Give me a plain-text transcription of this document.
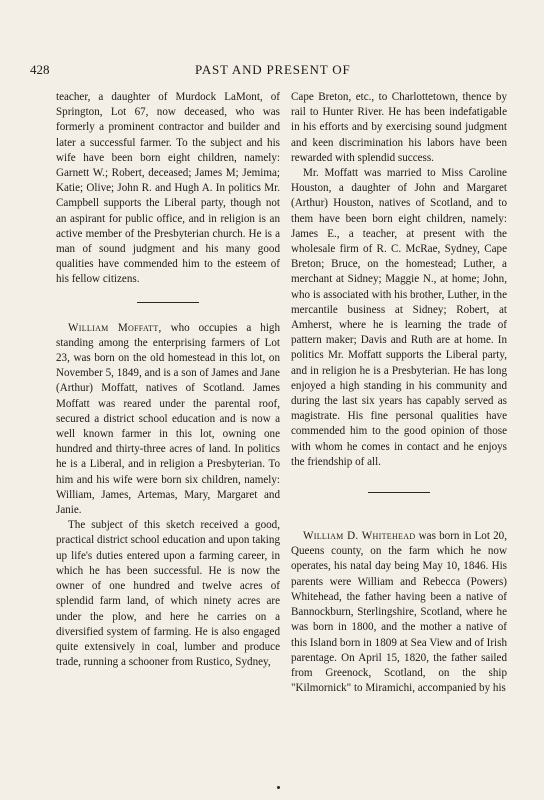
428	PAST AND PRESENT OF

teacher, a daughter of Murdock LaMont, of Springton, Lot 67, now deceased, who was formerly a prominent contractor and builder and later a successful farmer. To the subject and his wife have been born eight children, namely: Garnett W.; Robert, deceased; James M; Jemima; Katie; Olive; John R. and Hugh A. In politics Mr. Campbell supports the Liberal party, though not an aspirant for public office, and in religion is an active member of the Presbyterian church. He is a man of sound judgment and his many good qualities have commended him to the esteem of his fellow citizens.

William Moffatt, who occupies a high standing among the enterprising farmers of Lot 23, was born on the old homestead in this lot, on November 5, 1849, and is a son of James and Jane (Arthur) Moffatt, natives of Scotland. James Moffatt was reared under the parental roof, secured a district school education and is now a well known farmer in this lot, owning one hundred and thirty-three acres of land. In politics he is a Liberal, and in religion a Presbyterian. To him and his wife were born six children, namely: William, James, Artemas, Mary, Margaret and Janie.

The subject of this sketch received a good, practical district school education and upon taking up life's duties entered upon a farming career, in which he has been successful. He is now the owner of one hundred and twelve acres of splendid farm land, of which ninety acres are under the plow, and here he carries on a diversified system of farming. He is also engaged quite extensively in coal, lumber and produce trade, running a schooner from Rustico, Sydney,

Cape Breton, etc., to Charlottetown, thence by rail to Hunter River. He has been indefatigable in his efforts and by exercising sound judgment and keen discrimination his labors have been rewarded with splendid success.

Mr. Moffatt was married to Miss Caroline Houston, a daughter of John and Margaret (Arthur) Houston, natives of Scotland, and to them have been born eight children, namely: James E., a teacher, at present with the wholesale firm of R. C. McRae, Sydney, Cape Breton; Bruce, on the homestead; Luther, a merchant at Sidney; Maggie N., at home; John, who is associated with his brother, Luther, in the mercantile business at Sidney; Robert, at Amherst, where he is learning the trade of pattern maker; Davis and Ruth are at home. In politics Mr. Moffatt supports the Liberal party, and in religion he is a Presbyterian. He has long enjoyed a high standing in his community and during the last six years has capably served as magistrate. His fine personal qualities have commended him to the good opinion of those with whom he comes in contact and he enjoys the friendship of all.

William D. Whitehead was born in Lot 20, Queens county, on the farm which he now operates, his natal day being May 10, 1846. His parents were William and Rebecca (Powers) Whitehead, the father having been a native of Bannockburn, Sterlingshire, Scotland, where he was born in 1800, and the mother a native of this Island born in 1809 at Sea View and of Irish parentage. On April 15, 1820, the father sailed from Greenock, Scotland, on the ship "Kilmornick" to Miramichi, accompanied by his
